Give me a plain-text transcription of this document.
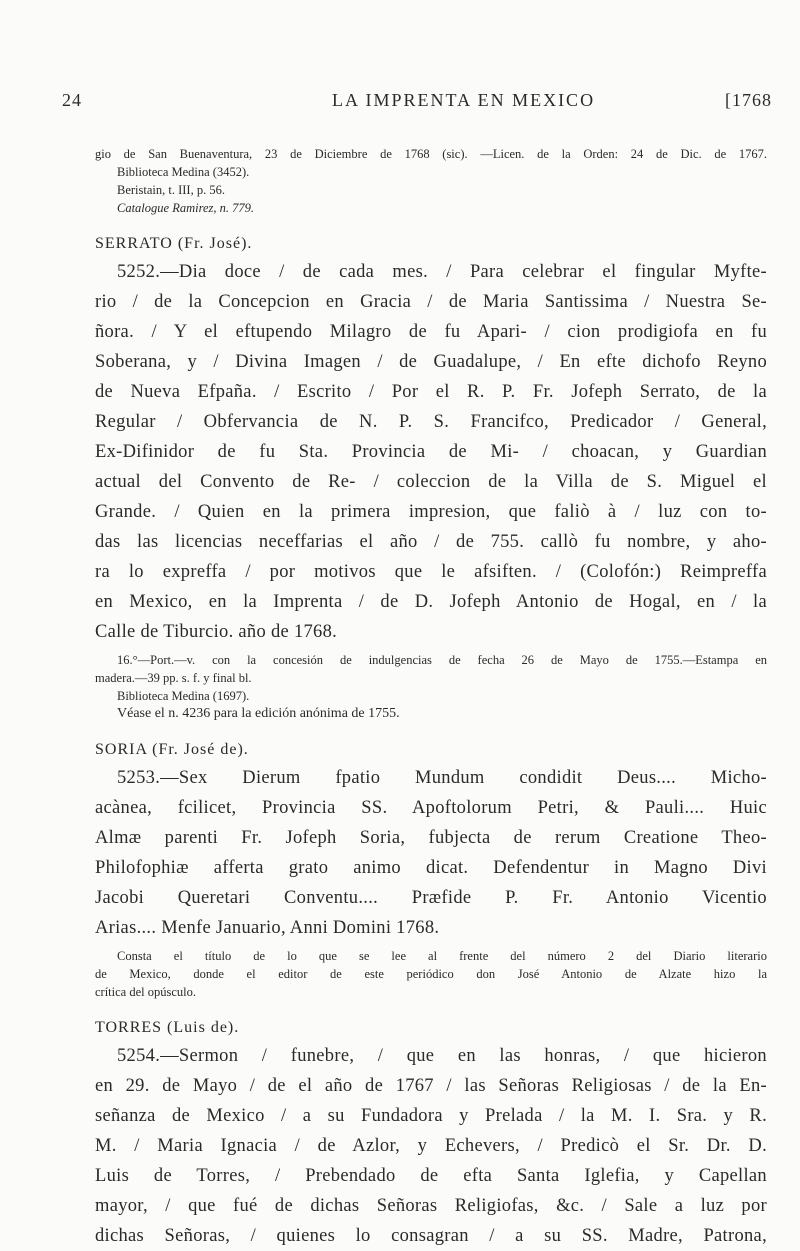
24	LA IMPRENTA EN MEXICO	[1768
gio de San Buenaventura, 23 de Diciembre de 1768 (sic). —Licen. de la Orden: 24 de Dic. de 1767.
Biblioteca Medina (3452).
Beristain, t. III, p. 56.
Catalogue Ramirez, n. 779.
SERRATO (Fr. José).
5252.—Dia doce / de cada mes. / Para celebrar el fingular Myfte-
rio / de la Concepcion en Gracia / de Maria Santissima / Nuestra Se-
ñora. / Y el eftupendo Milagro de fu Apari- / cion prodigiofa en fu
Soberana, y / Divina Imagen / de Guadalupe, / En efte dichofo Reyno
de Nueva Efpaña. / Escrito / Por el R. P. Fr. Jofeph Serrato, de la
Regular / Obfervancia de N. P. S. Francifco, Predicador / General,
Ex-Difinidor de fu Sta. Provincia de Mi- / choacan, y Guardian
actual del Convento de Re- / coleccion de la Villa de S. Miguel el
Grande. / Quien en la primera impresion, que faliò à / luz con to-
das las licencias neceffarias el año / de 755. callò fu nombre, y aho-
ra lo expreffa / por motivos que le afsiften. / (Colofón:) Reimpreffa
en Mexico, en la Imprenta / de D. Jofeph Antonio de Hogal, en / la
Calle de Tiburcio. año de 1768.
16.°—Port.—v. con la concesión de indulgencias de fecha 26 de Mayo de 1755.—Estampa en
madera.—39 pp. s. f. y final bl.
Biblioteca Medina (1697).
Véase el n. 4236 para la edición anónima de 1755.
SORIA (Fr. José de).
5253.—Sex Dierum fpatio Mundum condidit Deus.... Micho-
acànea, fcilicet, Provincia SS. Apoftolorum Petri, & Pauli.... Huic
Almæ parenti Fr. Jofeph Soria, fubjecta de rerum Creatione Theo-
Philofophiæ afferta grato animo dicat. Defendentur in Magno Divi
Jacobi Queretari Conventu.... Præfide P. Fr. Antonio Vicentio
Arias.... Menfe Januario, Anni Domini 1768.
Consta el título de lo que se lee al frente del número 2 del Diario literario
de Mexico, donde el editor de este periódico don José Antonio de Alzate hizo la
crítica del opúsculo.
TORRES (Luis de).
5254.—Sermon / funebre, / que en las honras, / que hicieron
en 29. de Mayo / de el año de 1767 / las Señoras Religiosas / de la En-
señanza de Mexico / a su Fundadora y Prelada / la M. I. Sra. y R.
M. / Maria Ignacia / de Azlor, y Echevers, / Predicò el Sr. Dr. D.
Luis de Torres, / Prebendado de efta Santa Iglefia, y Capellan
mayor, / que fué de dichas Señoras Religiofas, &c. / Sale a luz por
dichas Señoras, / quienes lo consagran / a su SS. Madre, Patrona,
